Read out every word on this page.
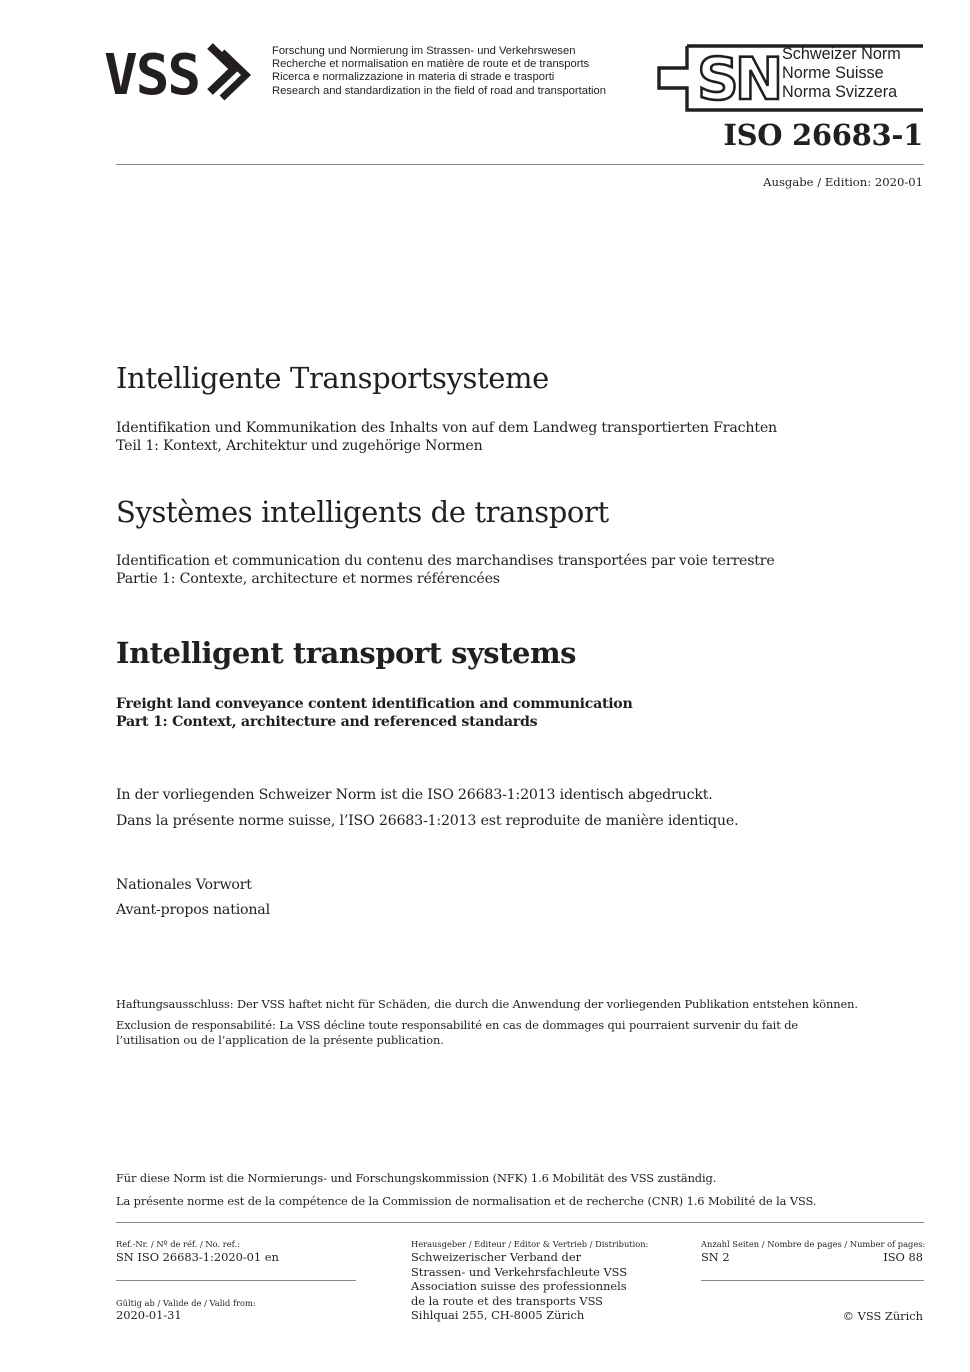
VSS	Forschung und Normierung im Strassen- und Verkehrswesen
Recherche et normalisation en matière de route et de transports
Ricerca e normalizzazione in materia di strade e trasporti
Research and standardization in the field of road and transportation SN Schweizer Norm
Norme Suisse
Norma Svizzera
ISO 26683-1
Ausgabe / Edition: 2020-01
Intelligente Transportsysteme
Identifikation und Kommunikation des Inhalts von auf dem Landweg transportierten Frachten
Teil 1: Kontext, Architektur und zugehörige Normen
Systèmes intelligents de transport
Identification et communication du contenu des marchandises transportées par voie terrestre
Partie 1: Contexte, architecture et normes référencées
Intelligent transport systems
Freight land conveyance content identification and communication
Part 1: Context, architecture and referenced standards
In der vorliegenden Schweizer Norm ist die ISO 26683-1:2013 identisch abgedruckt.
Dans la présente norme suisse, l’ISO 26683-1:2013 est reproduite de manière identique.
Nationales Vorwort
Avant-propos national
Haftungsausschluss: Der VSS haftet nicht für Schäden, die durch die Anwendung der vorliegenden Publikation entstehen können.
Exclusion de responsabilité: La VSS décline toute responsabilité en cas de dommages qui pourraient survenir du fait de l’utilisation ou de l’application de la présente publication.
Für diese Norm ist die Normierungs- und Forschungskommission (NFK) 1.6 Mobilität des VSS zuständig.
La présente norme est de la compétence de la Commission de normalisation et de recherche (CNR) 1.6 Mobilité de la VSS.
Ref.-Nr. / Nº de réf. / No. ref.:
SN ISO 26683-1:2020-01 en
Gültig ab / Valide de / Valid from:
2020-01-31
Herausgeber / Editeur / Editor & Vertrieb / Distribution:
Schweizerischer Verband der
Strassen- und Verkehrsfachleute VSS
Association suisse des professionnels
de la route et des transports VSS
Sihlquai 255, CH-8005 Zürich
Anzahl Seiten / Nombre de pages / Number of pages:
SN 2	ISO 88
© VSS Zürich
